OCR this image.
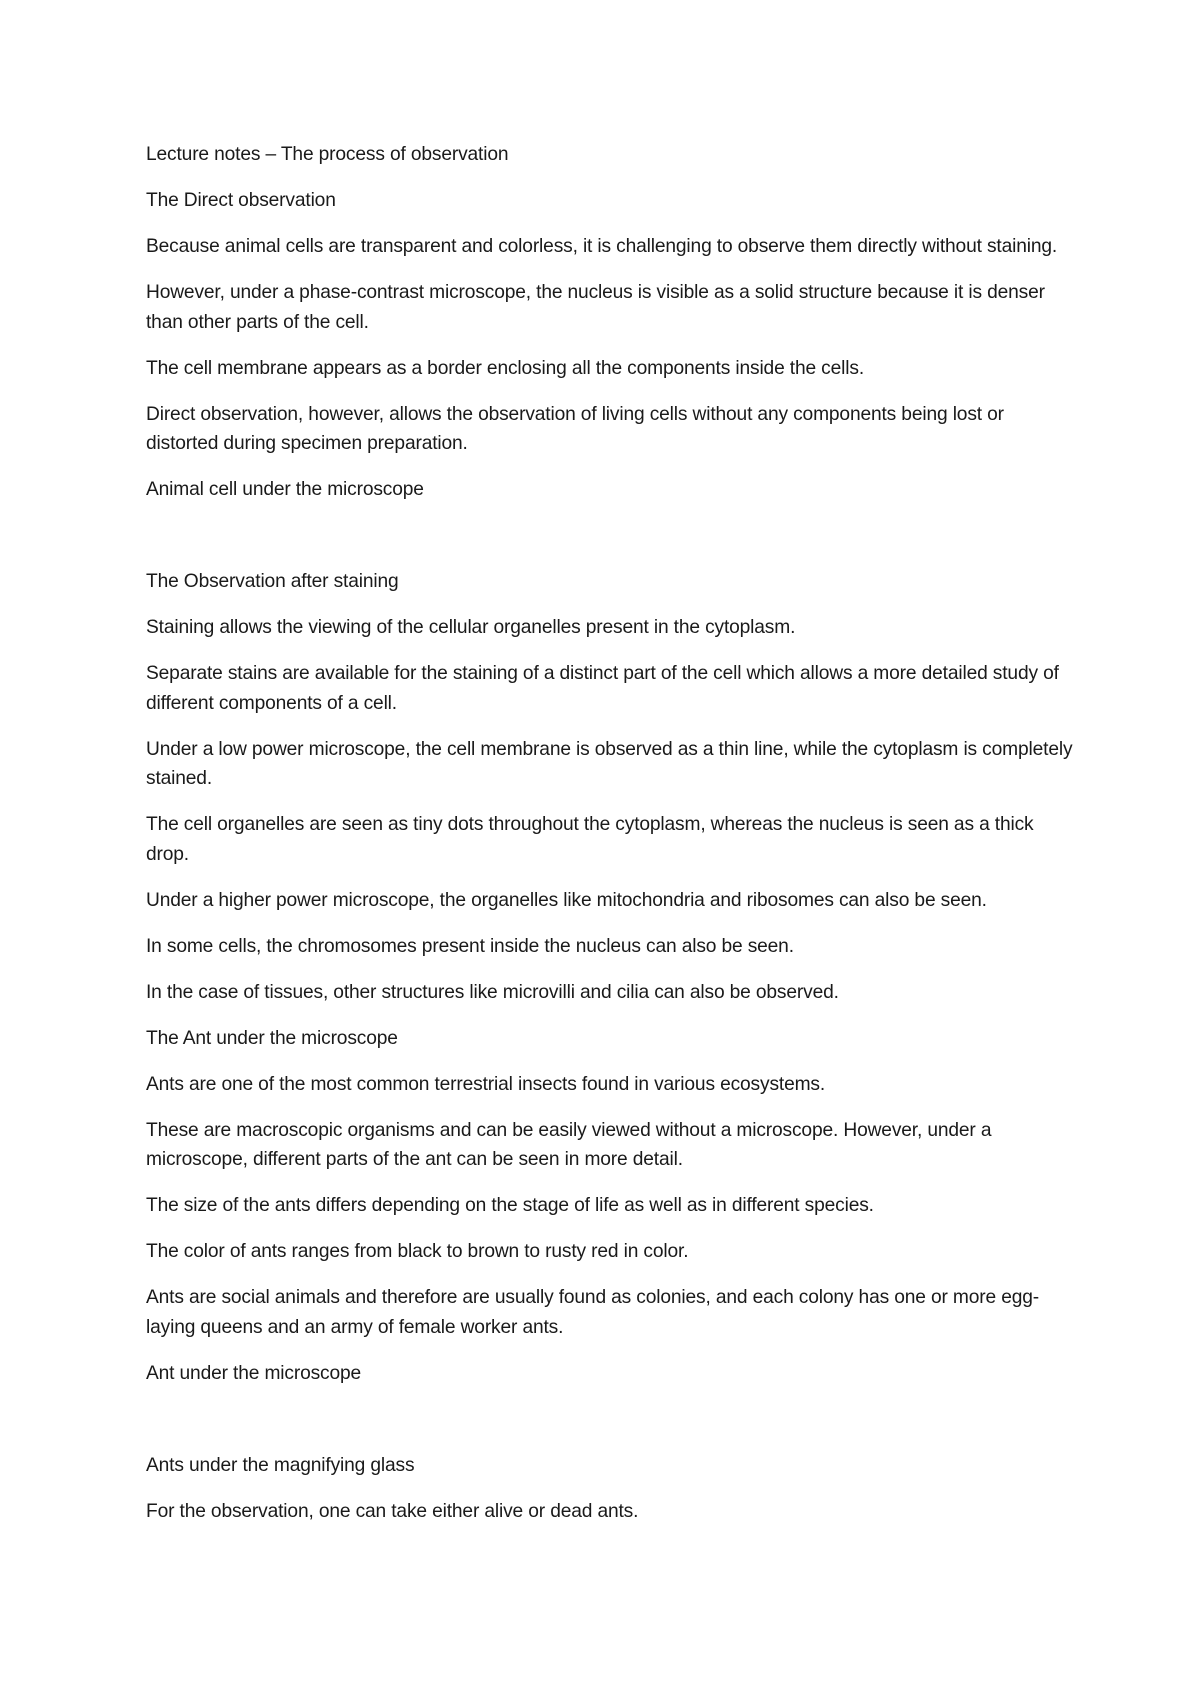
Lecture notes – The process of observation

The Direct observation

Because animal cells are transparent and colorless, it is challenging to observe them directly without staining.

However, under a phase-contrast microscope, the nucleus is visible as a solid structure because it is denser than other parts of the cell.

The cell membrane appears as a border enclosing all the components inside the cells.

Direct observation, however, allows the observation of living cells without any components being lost or distorted during specimen preparation.

Animal cell under the microscope

The Observation after staining

Staining allows the viewing of the cellular organelles present in the cytoplasm.

Separate stains are available for the staining of a distinct part of the cell which allows a more detailed study of different components of a cell.

Under a low power microscope, the cell membrane is observed as a thin line, while the cytoplasm is completely stained.

The cell organelles are seen as tiny dots throughout the cytoplasm, whereas the nucleus is seen as a thick drop.

Under a higher power microscope, the organelles like mitochondria and ribosomes can also be seen.

In some cells, the chromosomes present inside the nucleus can also be seen.

In the case of tissues, other structures like microvilli and cilia can also be observed.

The Ant under the microscope

Ants are one of the most common terrestrial insects found in various ecosystems.

These are macroscopic organisms and can be easily viewed without a microscope. However, under a microscope, different parts of the ant can be seen in more detail.

The size of the ants differs depending on the stage of life as well as in different species.

The color of ants ranges from black to brown to rusty red in color.

Ants are social animals and therefore are usually found as colonies, and each colony has one or more egg-laying queens and an army of female worker ants.

Ant under the microscope

Ants under the magnifying glass

For the observation, one can take either alive or dead ants.
